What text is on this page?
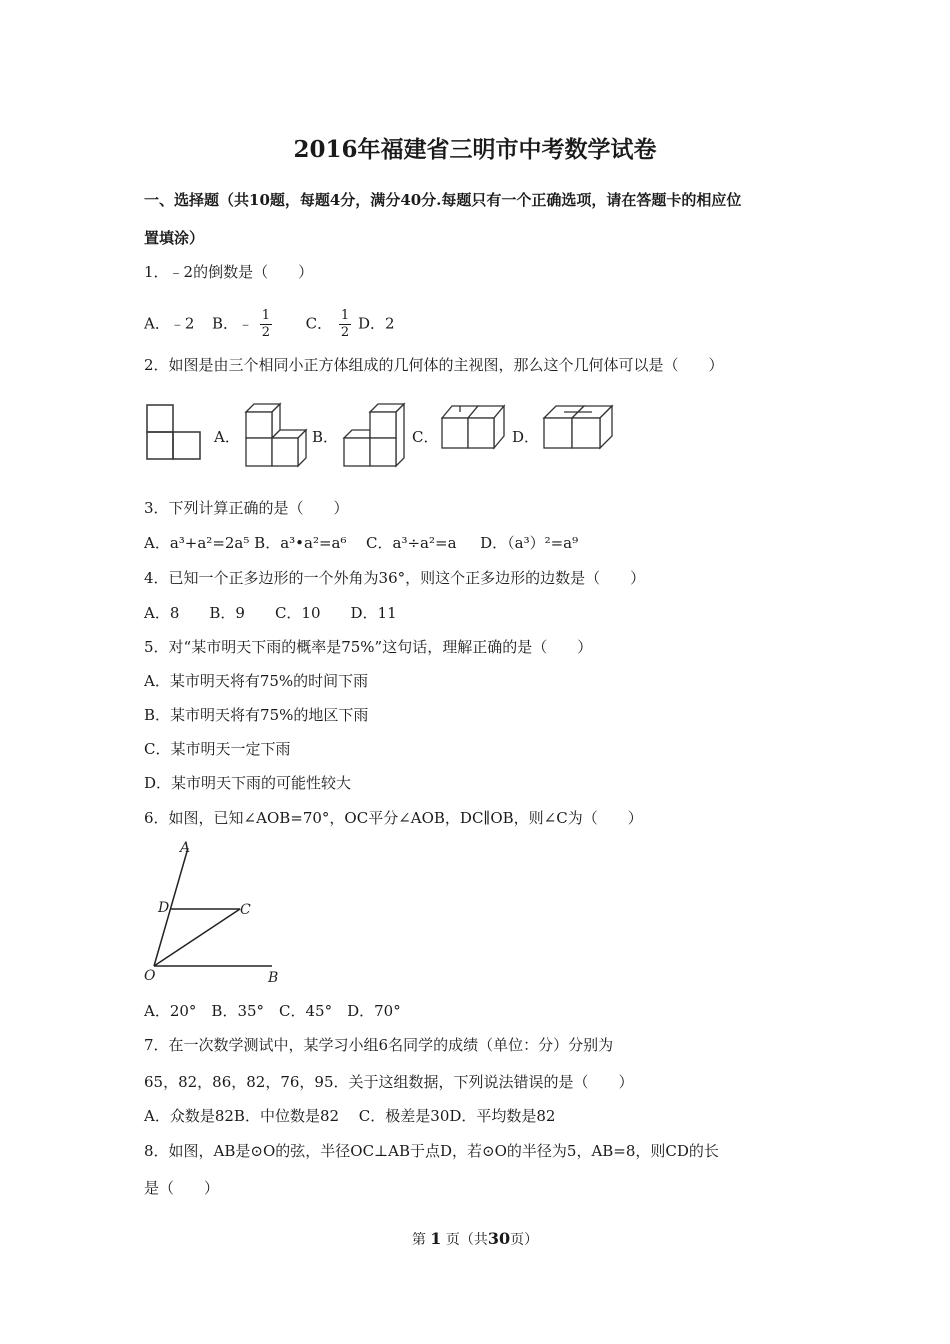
2016年福建省三明市中考数学试卷
一、选择题（共10题，每题4分，满分40分.每题只有一个正确选项，请在答题卡的相应位
置填涂）
1．﹣2的倒数是（　　）
A．﹣2 B．﹣ $\frac{1}{2}$ C． $\frac{1}{2}$ D．2
2．如图是由三个相同小正方体组成的几何体的主视图，那么这个几何体可以是（　　）
A．	B．	C．	D．
3．下列计算正确的是（　　）
A．a³+a²=2a⁵ B．a³•a²=a⁶ C．a³÷a²=a D．（a³）²=a⁹
4．已知一个正多边形的一个外角为36°，则这个正多边形的边数是（　　）
A．8　　B．9　　C．10　　D．11
5．对“某市明天下雨的概率是75%”这句话，理解正确的是（　　）
A．某市明天将有75%的时间下雨
B．某市明天将有75%的地区下雨
C．某市明天一定下雨
D．某市明天下雨的可能性较大
6．如图，已知∠AOB=70°，OC平分∠AOB，DC∥OB，则∠C为（　　）
A
D	C
O	B
A．20°　B．35°　C．45°　D．70°
7．在一次数学测试中，某学习小组6名同学的成绩（单位：分）分别为
65，82，86，82，76，95．关于这组数据，下列说法错误的是（　　）
A．众数是82B．中位数是82　 C．极差是30D．平均数是82
8．如图，AB是⊙O的弦，半径OC⊥AB于点D，若⊙O的半径为5，AB=8，则CD的长
是（　　）
第 1 页（共30页）
